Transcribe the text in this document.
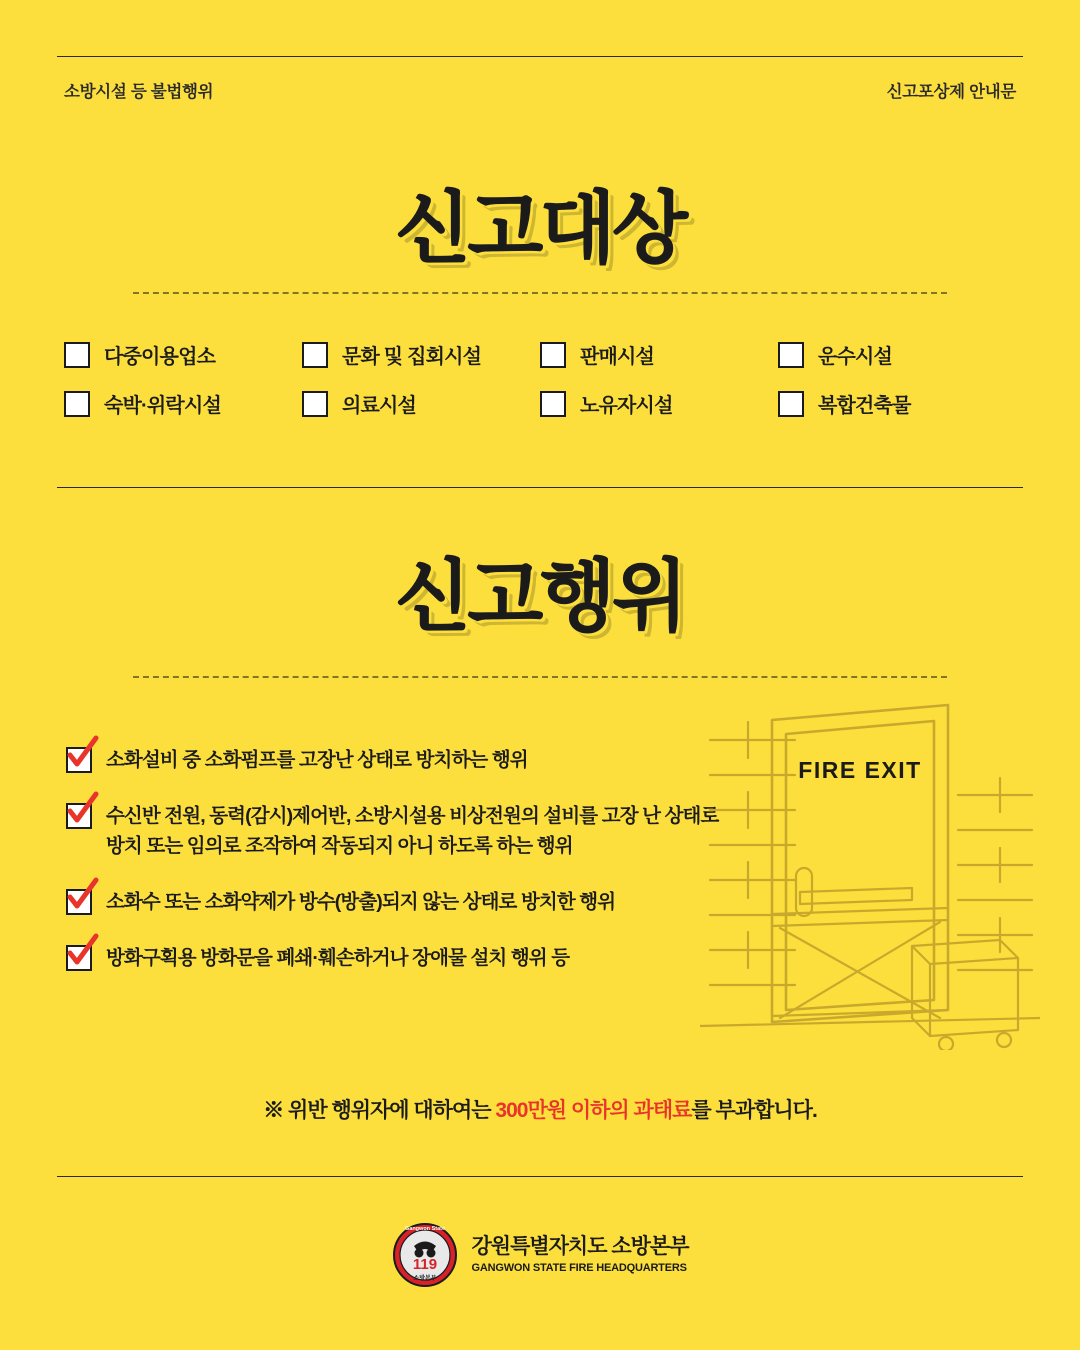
소방시설 등 불법행위	신고포상제 안내문
신고대상
다중이용업소	문화 및 집회시설	판매시설	운수시설
숙박·위락시설	의료시설	노유자시설	복합건축물
신고행위
소화설비 중 소화펌프를 고장난 상태로 방치하는 행위
수신반 전원, 동력(감시)제어반, 소방시설용 비상전원의 설비를 고장 난 상태로 방치 또는 임의로 조작하여 작동되지 아니 하도록 하는 행위
소화수 또는 소화약제가 방수(방출)되지 않는 상태로 방치한 행위
방화구획용 방화문을 폐쇄·훼손하거나 장애물 설치 행위 등
FIRE EXIT
※ 위반 행위자에 대하여는 300만원 이하의 과태료를 부과합니다.
119
소방본부
Gangwon State
강원특별자치도 소방본부
GANGWON STATE FIRE HEADQUARTERS
